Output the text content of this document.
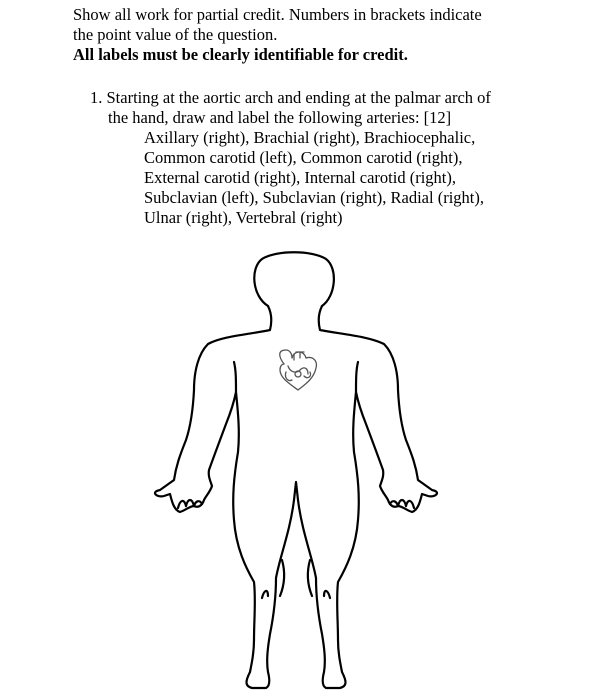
Show all work for partial credit. Numbers in brackets indicate
the point value of the question.
All labels must be clearly identifiable for credit.
1. Starting at the aortic arch and ending at the palmar arch of
the hand, draw and label the following arteries: [12]
Axillary (right), Brachial (right), Brachiocephalic,
Common carotid (left), Common carotid (right),
External carotid (right), Internal carotid (right),
Subclavian (left), Subclavian (right), Radial (right),
Ulnar (right), Vertebral (right)
